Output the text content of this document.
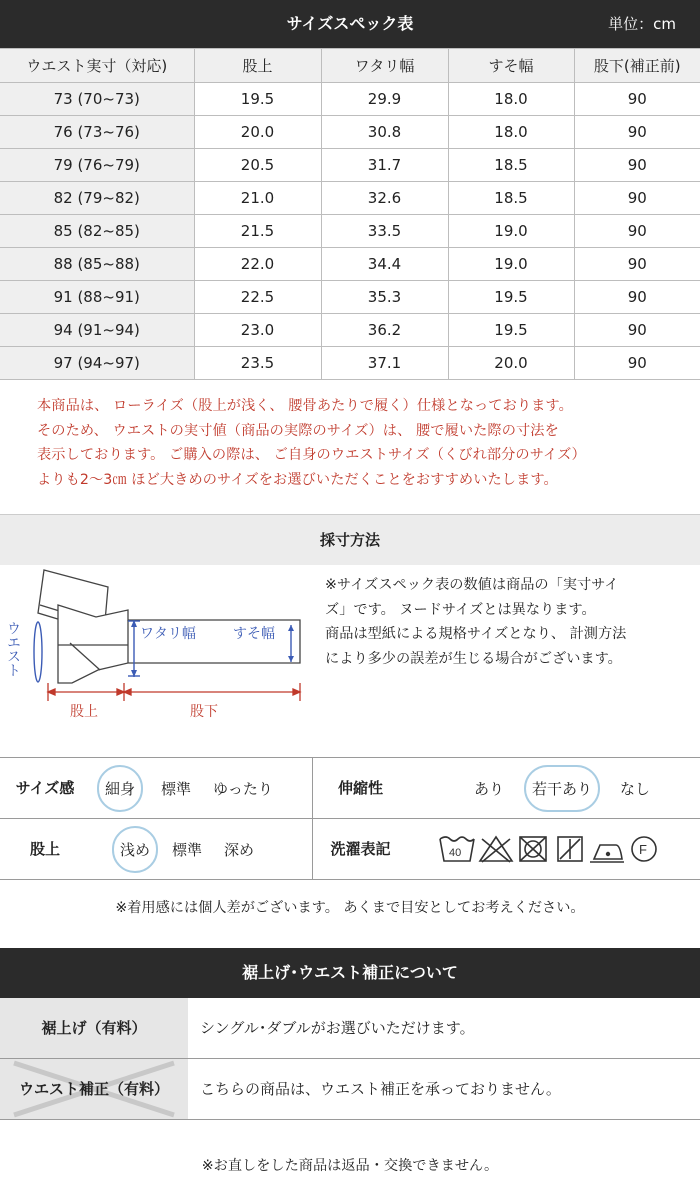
サイズスペック表	単位：cm
ウエスト実寸（対応)	股上	ワタリ幅	すそ幅	股下(補正前)
73 (70~73)	19.5	29.9	18.0	90
76 (73~76)	20.0	30.8	18.0	90
79 (76~79)	20.5	31.7	18.5	90
82 (79~82)	21.0	32.6	18.5	90
85 (82~85)	21.5	33.5	19.0	90
88 (85~88)	22.0	34.4	19.0	90
91 (88~91)	22.5	35.3	19.5	90
94 (91~94)	23.0	36.2	19.5	90
97 (94~97)	23.5	37.1	20.0	90
本商品は、 ローライズ（股上が浅く、 腰骨あたりで履く）仕様となっております。
そのため、 ウエストの実寸値（商品の実際のサイズ）は、 腰で履いた際の寸法を
表示しております。 ご購入の際は、 ご自身のウエストサイズ（くびれ部分のサイズ）
よりも2〜3㎝ ほど大きめのサイズをお選びいただくことをおすすめいたします。
採寸方法
ワタリ幅	すそ幅
股上	股下
ウエスト
※サイズスペック表の数値は商品の「実寸サイ
ズ」です。 ヌードサイズとは異なります。
商品は型紙による規格サイズとなり、 計測方法
により多少の誤差が生じる場合がございます。
サイズ感	細身 標準 ゆったり	伸縮性	あり 若干あり なし
股上	浅め 標準 深め	洗濯表記	40	F
※着用感には個人差がございます。 あくまで目安としてお考えください。
裾上げ･ウエスト補正について
裾上げ（有料）	シングル･ダブルがお選びいただけます。
ウエスト補正（有料）	こちらの商品は、ウエスト補正を承っておりません。
※お直しをした商品は返品・交換できません。
